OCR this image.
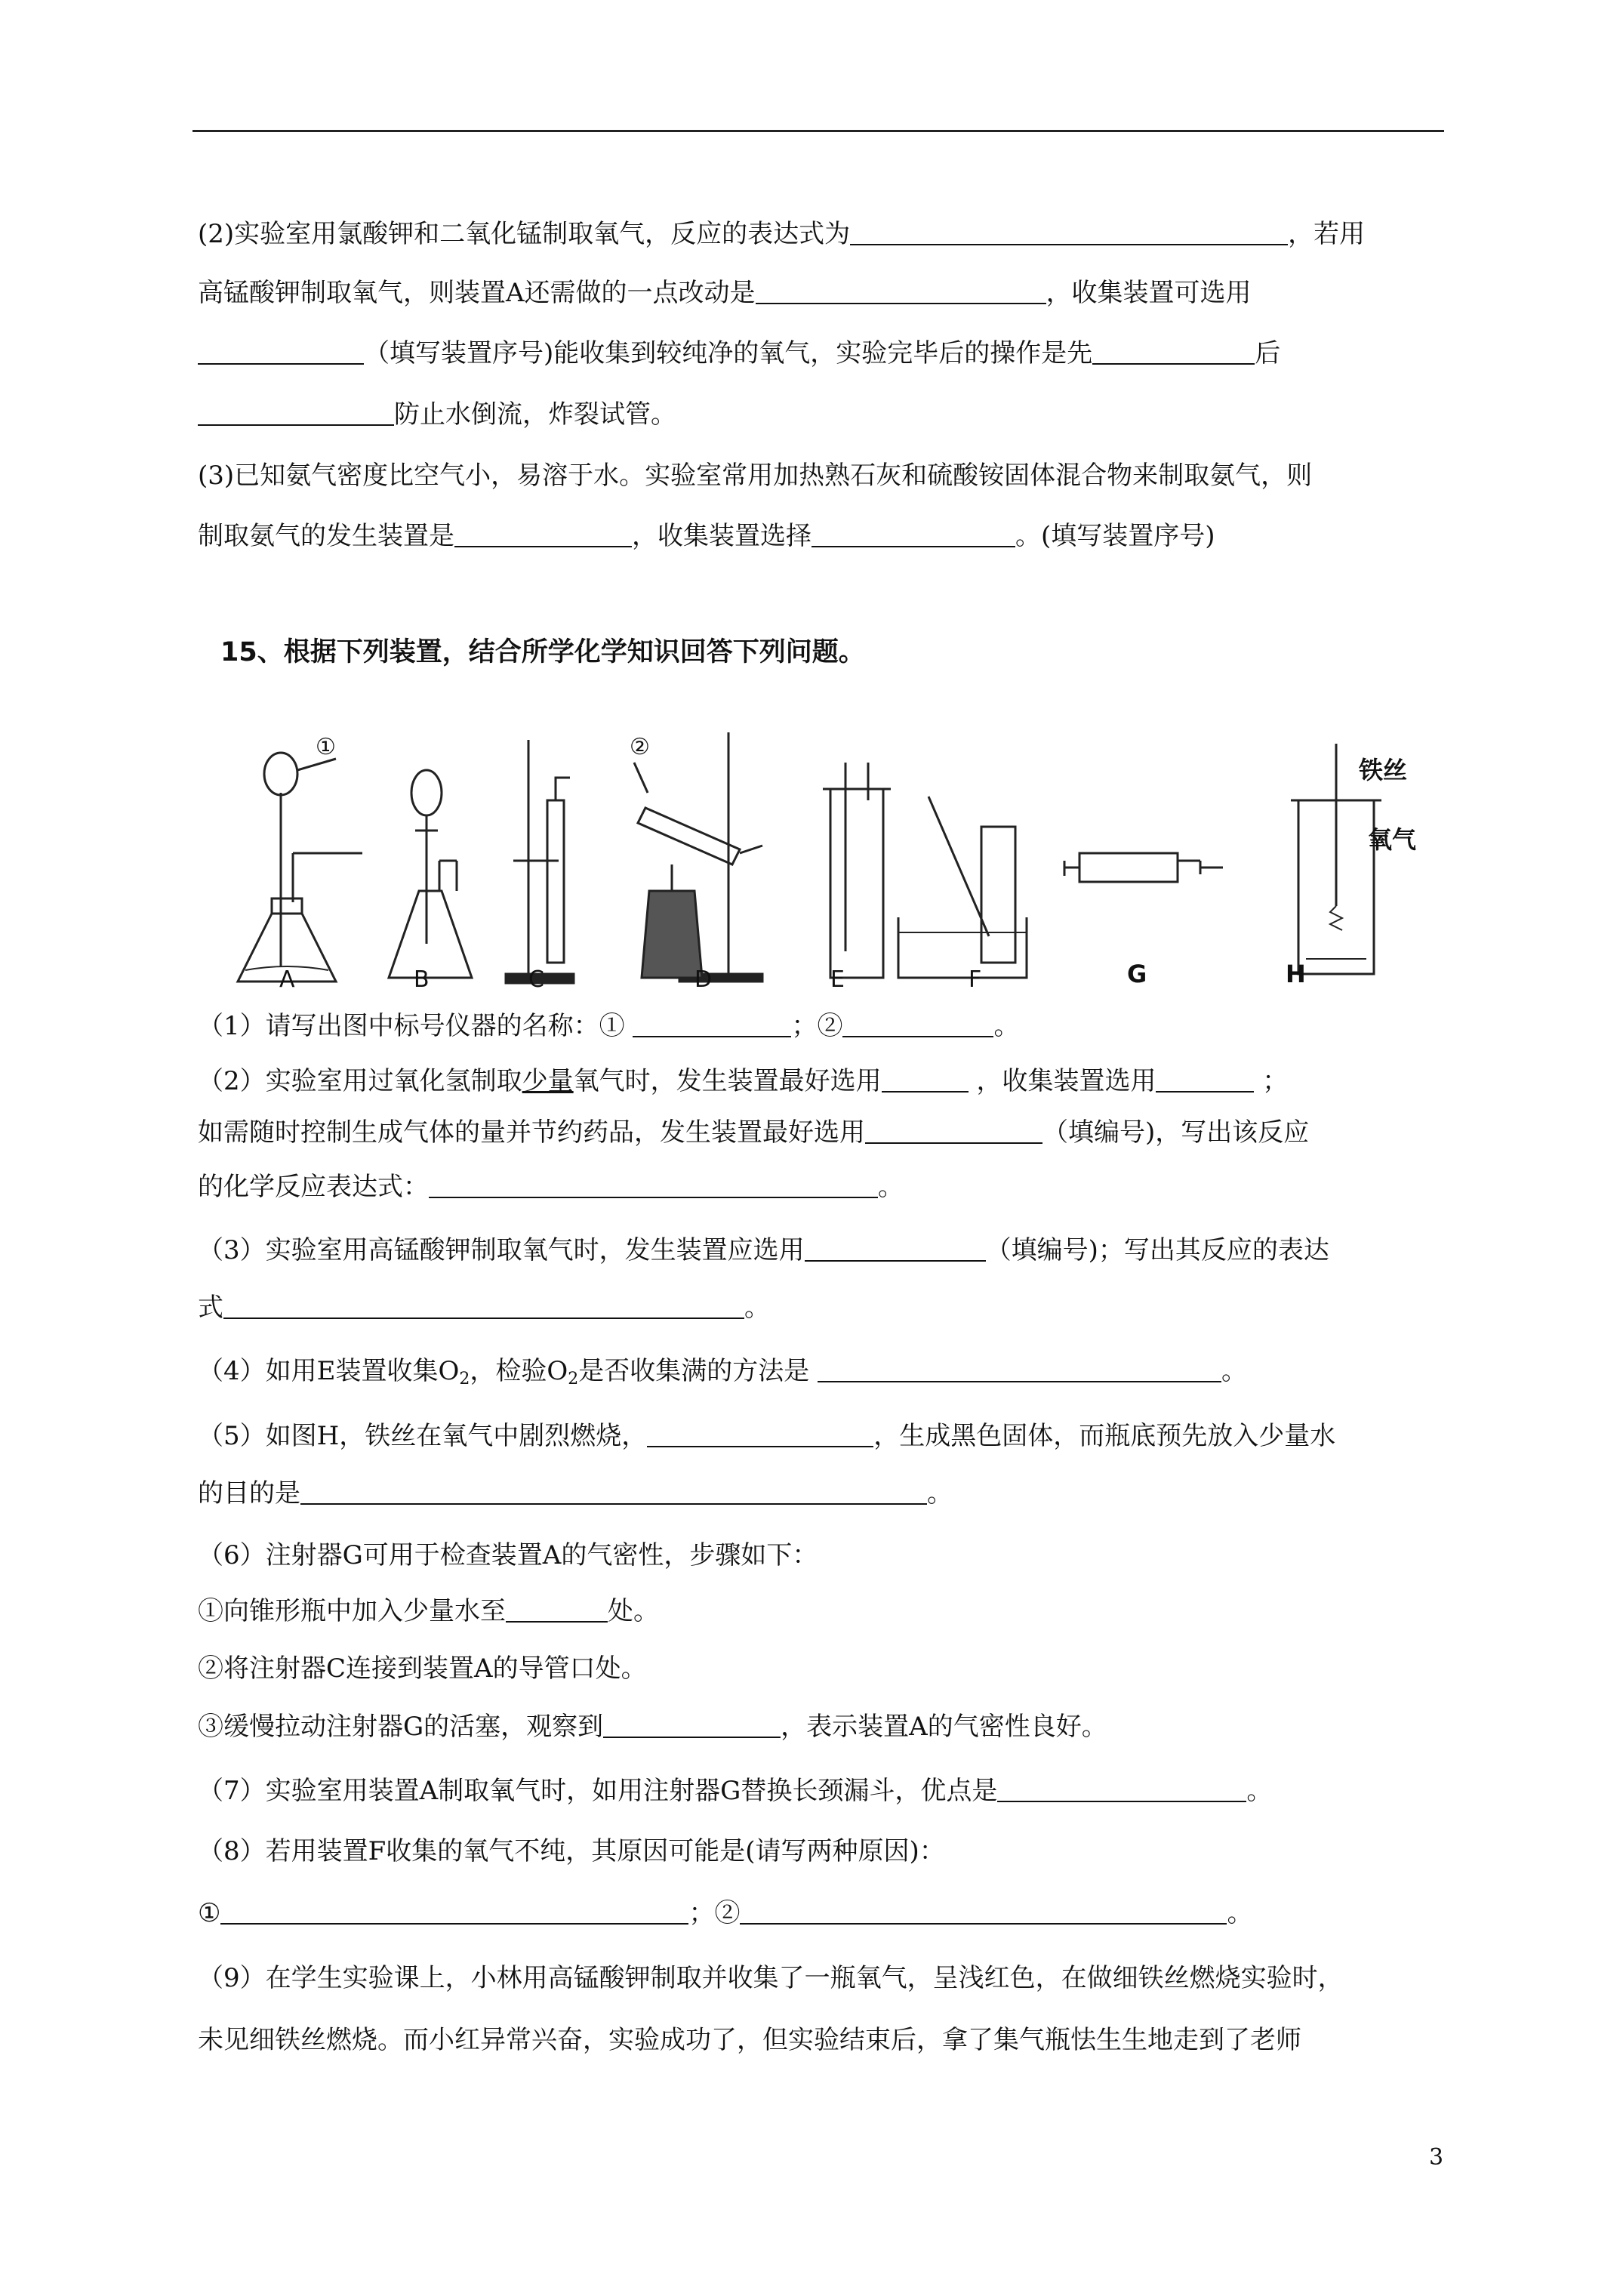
(2)实验室用氯酸钾和二氧化锰制取氧气，反应的表达式为	，若用
高锰酸钾制取氧气，则装置A还需做的一点改动是	，收集装置可选用
（填写装置序号)能收集到较纯净的氧气，实验完毕后的操作是先	后
防止水倒流，炸裂试管。
(3)已知氨气密度比空气小，易溶于水。实验室常用加热熟石灰和硫酸铵固体混合物来制取氨气，则
制取氨气的发生装置是	，收集装置选择	。(填写装置序号)
15、根据下列装置，结合所学化学知识回答下列问题。
（1）请写出图中标号仪器的名称：①	；②	。
（2）实验室用过氧化氢制取少量氧气时，发生装置最好选用	，收集装置选用	；
如需随时控制生成气体的量并节约药品，发生装置最好选用	（填编号)，写出该反应
的化学反应表达式：	。
（3）实验室用高锰酸钾制取氧气时，发生装置应选用	（填编号)；写出其反应的表达
式	。
（4）如用E装置收集$O_2$，检验$O_2$是否收集满的方法是	。
（5）如图H，铁丝在氧气中剧烈燃烧，	，生成黑色固体，而瓶底预先放入少量水
的目的是	。
（6）注射器G可用于检查装置A的气密性，步骤如下：
①向锥形瓶中加入少量水至	处。
②将注射器C连接到装置A的导管口处。
③缓慢拉动注射器G的活塞，观察到	，表示装置A的气密性良好。
（7）实验室用装置A制取氧气时，如用注射器G替换长颈漏斗，优点是	。
（8）若用装置F收集的氧气不纯，其原因可能是(请写两种原因)：
①	；②	。
（9）在学生实验课上，小林用高锰酸钾制取并收集了一瓶氧气，呈浅红色，在做细铁丝燃烧实验时，
未见细铁丝燃烧。而小红异常兴奋，实验成功了，但实验结束后，拿了集气瓶怯生生地走到了老师
A	B	C	D	E	F	G	H
①	②
铁丝
氧气
3
